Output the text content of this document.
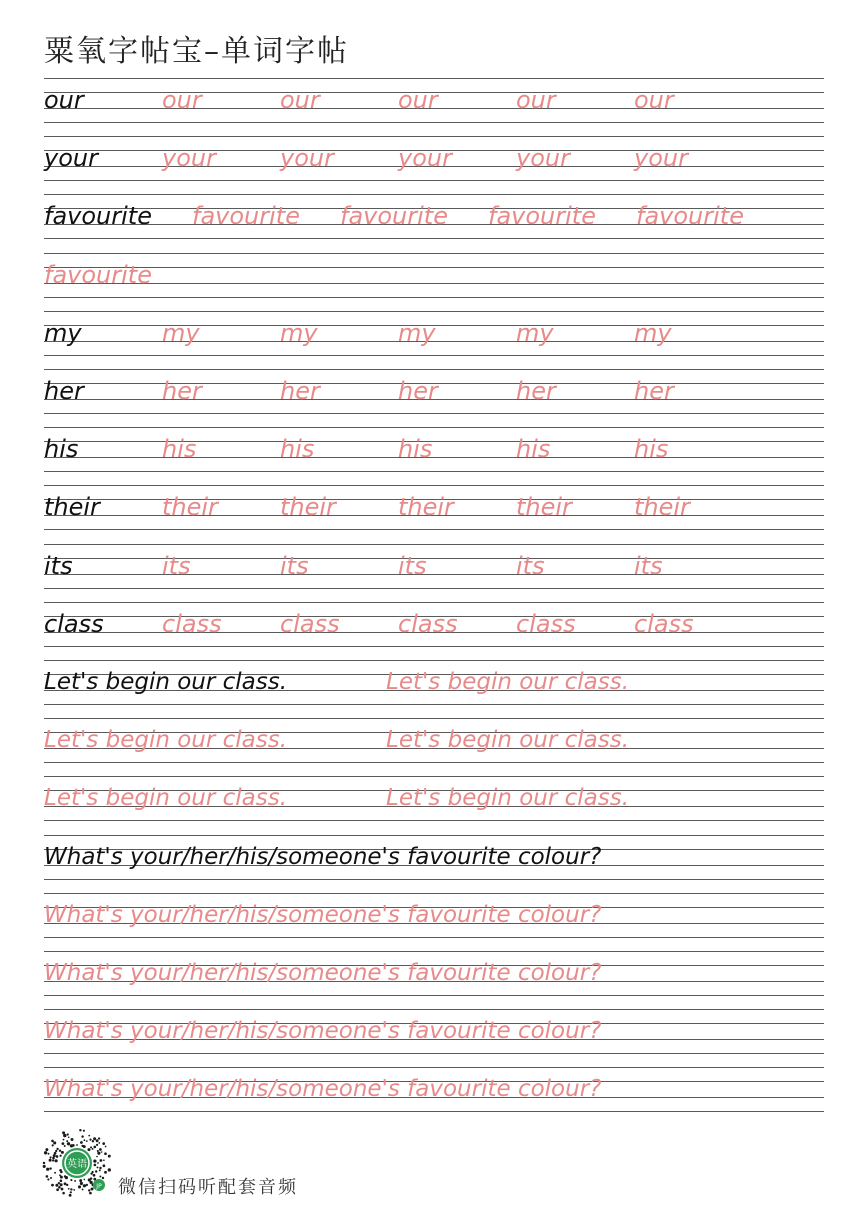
粟氧字帖宝–单词字帖
our	our	our	our	our	our
your	your	your	your	your	your
favourite favourite favourite favourite favourite
favourite
my	my	my	my	my	my
her	her	her	her	her	her
his	his	his	his	his	his
their	their	their	their	their	their
its	its	its	its	its	its
class class class class class class
Let's begin our class.	Let's begin our class.
Let's begin our class.	Let's begin our class.
Let's begin our class.	Let's begin our class.
What's your/her/his/someone's favourite colour?
What's your/her/his/someone's favourite colour?
What's your/her/his/someone's favourite colour?
What's your/her/his/someone's favourite colour?
What's your/her/his/someone's favourite colour?
英语
JP 微信扫码听配套音频
